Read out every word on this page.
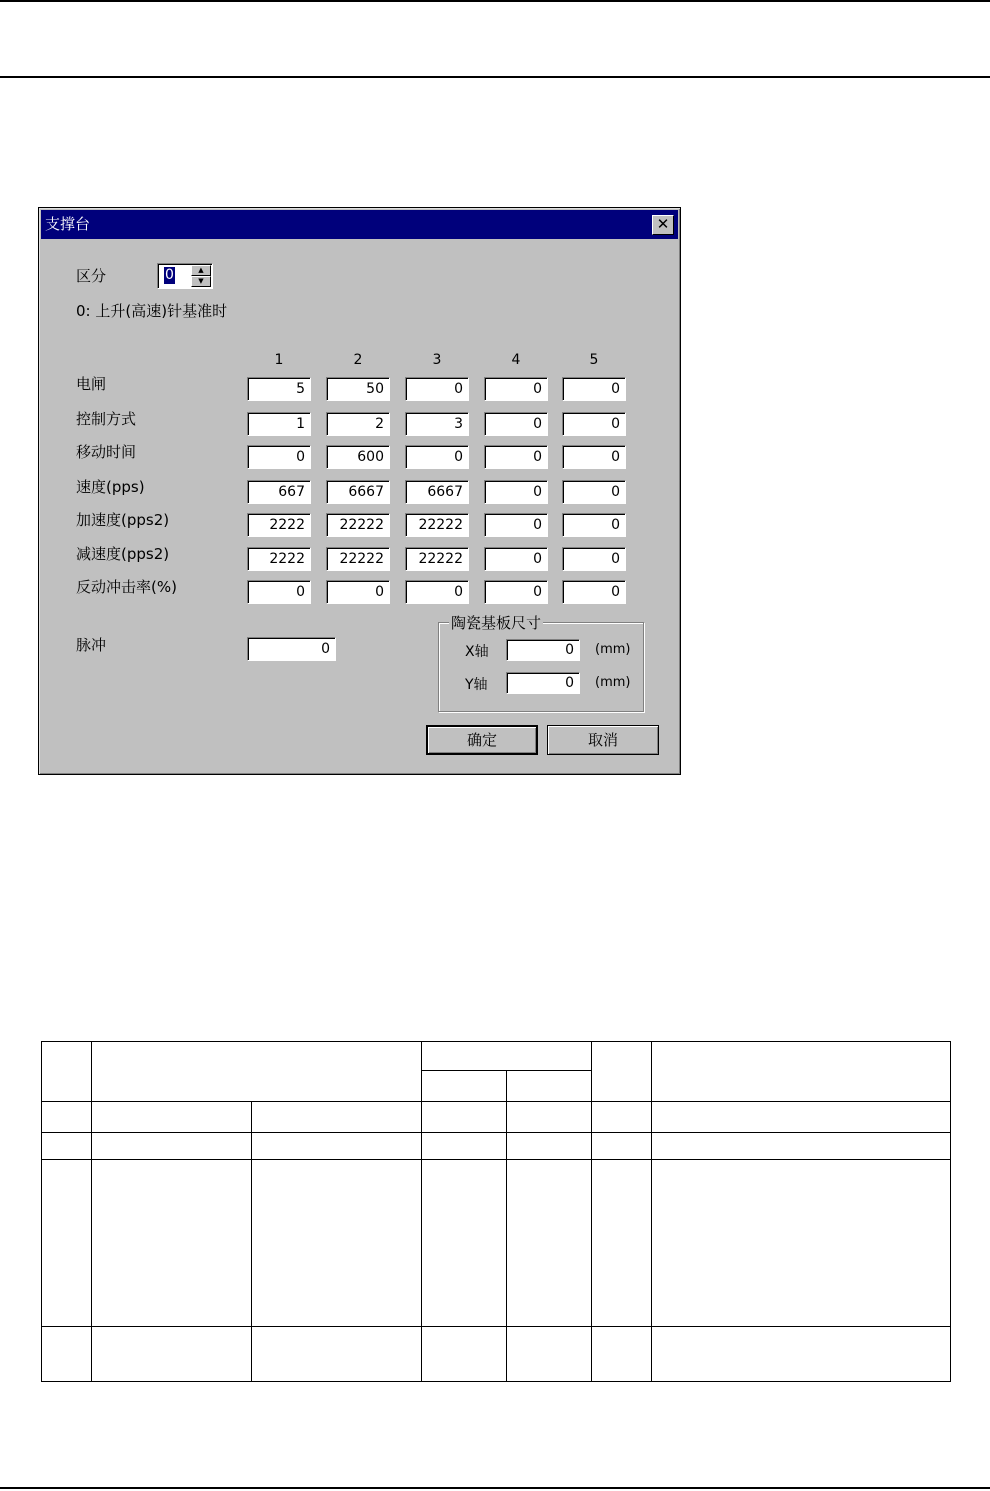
支撑台	✕
区分	0	▲
▼
0: 上升(高速)针基准时
1	2	3	4	5
电闸	5	50	0	0	0
控制方式	1	2	3	0	0
移动时间	0	600	0	0	0
速度(pps)	667	6667	6667	0	0
加速度(pps2)	2222	22222	22222	0	0
减速度(pps2)	2222	22222	22222	0	0
反动冲击率(%)	0	0	0	0	0
脉冲	0
陶瓷基板尺寸
X轴	0	(mm)
Y轴	0	(mm)
确定	取消
